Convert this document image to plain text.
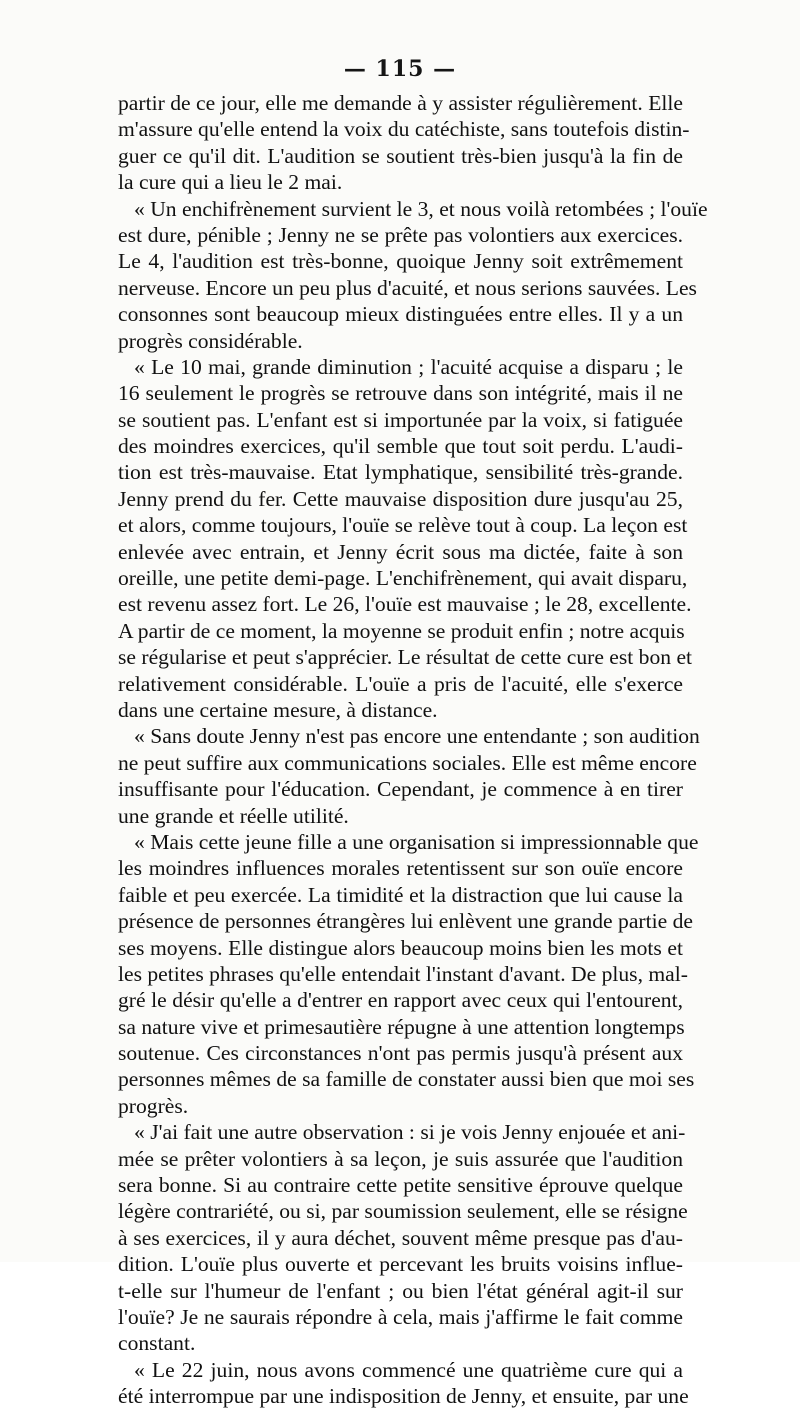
— 115 —
partir de ce jour, elle me demande à y assister régulièrement. Elle
m'assure qu'elle entend la voix du catéchiste, sans toutefois distin-
guer ce qu'il dit. L'audition se soutient très-bien jusqu'à la fin de
la cure qui a lieu le 2 mai.
« Un enchifrènement survient le 3, et nous voilà retombées ; l'ouïe
est dure, pénible ; Jenny ne se prête pas volontiers aux exercices.
Le 4, l'audition est très-bonne, quoique Jenny soit extrêmement
nerveuse. Encore un peu plus d'acuité, et nous serions sauvées. Les
consonnes sont beaucoup mieux distinguées entre elles. Il y a un
progrès considérable.
« Le 10 mai, grande diminution ; l'acuité acquise a disparu ; le
16 seulement le progrès se retrouve dans son intégrité, mais il ne
se soutient pas. L'enfant est si importunée par la voix, si fatiguée
des moindres exercices, qu'il semble que tout soit perdu. L'audi-
tion est très-mauvaise. Etat lymphatique, sensibilité très-grande.
Jenny prend du fer. Cette mauvaise disposition dure jusqu'au 25,
et alors, comme toujours, l'ouïe se relève tout à coup. La leçon est
enlevée avec entrain, et Jenny écrit sous ma dictée, faite à son
oreille, une petite demi-page. L'enchifrènement, qui avait disparu,
est revenu assez fort. Le 26, l'ouïe est mauvaise ; le 28, excellente.
A partir de ce moment, la moyenne se produit enfin ; notre acquis
se régularise et peut s'apprécier. Le résultat de cette cure est bon et
relativement considérable. L'ouïe a pris de l'acuité, elle s'exerce
dans une certaine mesure, à distance.
« Sans doute Jenny n'est pas encore une entendante ; son audition
ne peut suffire aux communications sociales. Elle est même encore
insuffisante pour l'éducation. Cependant, je commence à en tirer
une grande et réelle utilité.
« Mais cette jeune fille a une organisation si impressionnable que
les moindres influences morales retentissent sur son ouïe encore
faible et peu exercée. La timidité et la distraction que lui cause la
présence de personnes étrangères lui enlèvent une grande partie de
ses moyens. Elle distingue alors beaucoup moins bien les mots et
les petites phrases qu'elle entendait l'instant d'avant. De plus, mal-
gré le désir qu'elle a d'entrer en rapport avec ceux qui l'entourent,
sa nature vive et primesautière répugne à une attention longtemps
soutenue. Ces circonstances n'ont pas permis jusqu'à présent aux
personnes mêmes de sa famille de constater aussi bien que moi ses
progrès.
« J'ai fait une autre observation : si je vois Jenny enjouée et ani-
mée se prêter volontiers à sa leçon, je suis assurée que l'audition
sera bonne. Si au contraire cette petite sensitive éprouve quelque
légère contrariété, ou si, par soumission seulement, elle se résigne
à ses exercices, il y aura déchet, souvent même presque pas d'au-
dition. L'ouïe plus ouverte et percevant les bruits voisins influe-
t-elle sur l'humeur de l'enfant ; ou bien l'état général agit-il sur
l'ouïe? Je ne saurais répondre à cela, mais j'affirme le fait comme
constant.
« Le 22 juin, nous avons commencé une quatrième cure qui a
été interrompue par une indisposition de Jenny, et ensuite, par une
